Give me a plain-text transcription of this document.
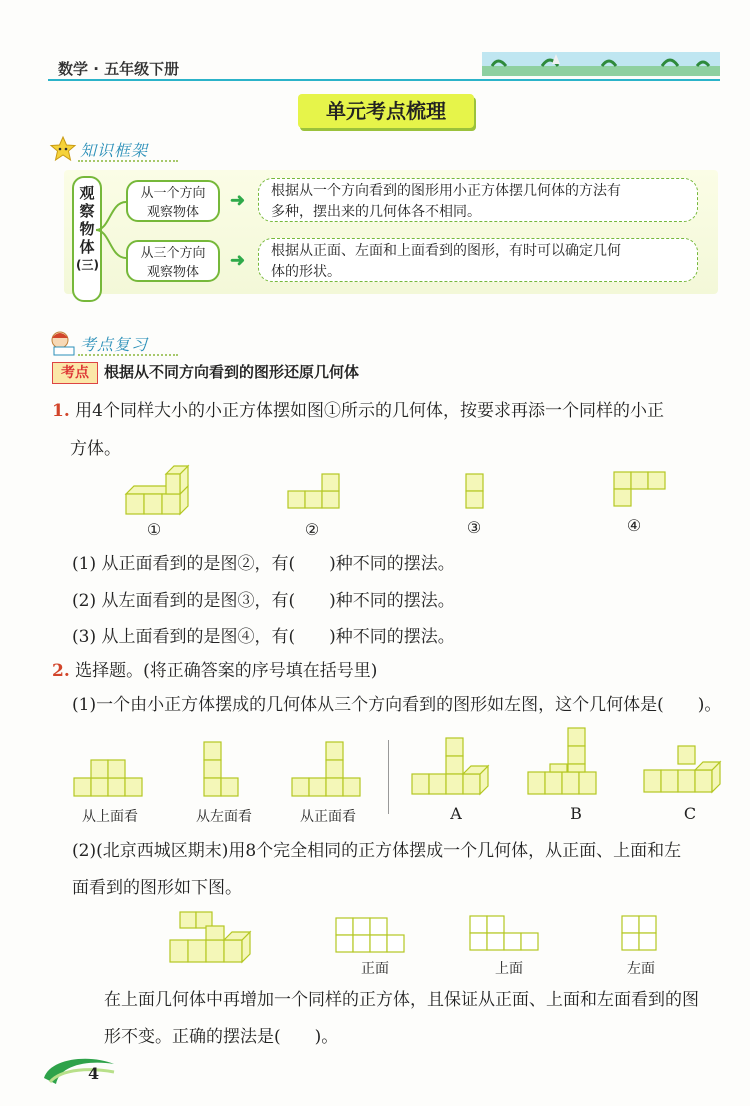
数学 · 五年级下册
单元考点梳理
知识框架
观
察
物
体
(三)
从一个方向
观察物体
➜ 根据从一个方向看到的图形用小正方体摆几何体的方法有
多种，摆出来的几何体各不相同。
从三个方向
观察物体
➜ 根据从正面、左面和上面看到的图形，有时可以确定几何
体的形状。
考点复习
考点	根据从不同方向看到的图形还原几何体
1. 用4个同样大小的小正方体摆如图①所示的几何体，按要求再添一个同样的小正
方体。
①	②	③	④
(1) 从正面看到的是图②，有(　　)种不同的摆法。
(2) 从左面看到的是图③，有(　　)种不同的摆法。
(3) 从上面看到的是图④，有(　　)种不同的摆法。
2. 选择题。(将正确答案的序号填在括号里)
(1)一个由小正方体摆成的几何体从三个方向看到的图形如左图，这个几何体是(　　)。
从上面看	从左面看	从正面看	A	B	C
(2)(北京西城区期末)用8个完全相同的正方体摆成一个几何体，从正面、上面和左
面看到的图形如下图。
正面	上面	左面
在上面几何体中再增加一个同样的正方体，且保证从正面、上面和左面看到的图
形不变。正确的摆法是(　　)。
4
